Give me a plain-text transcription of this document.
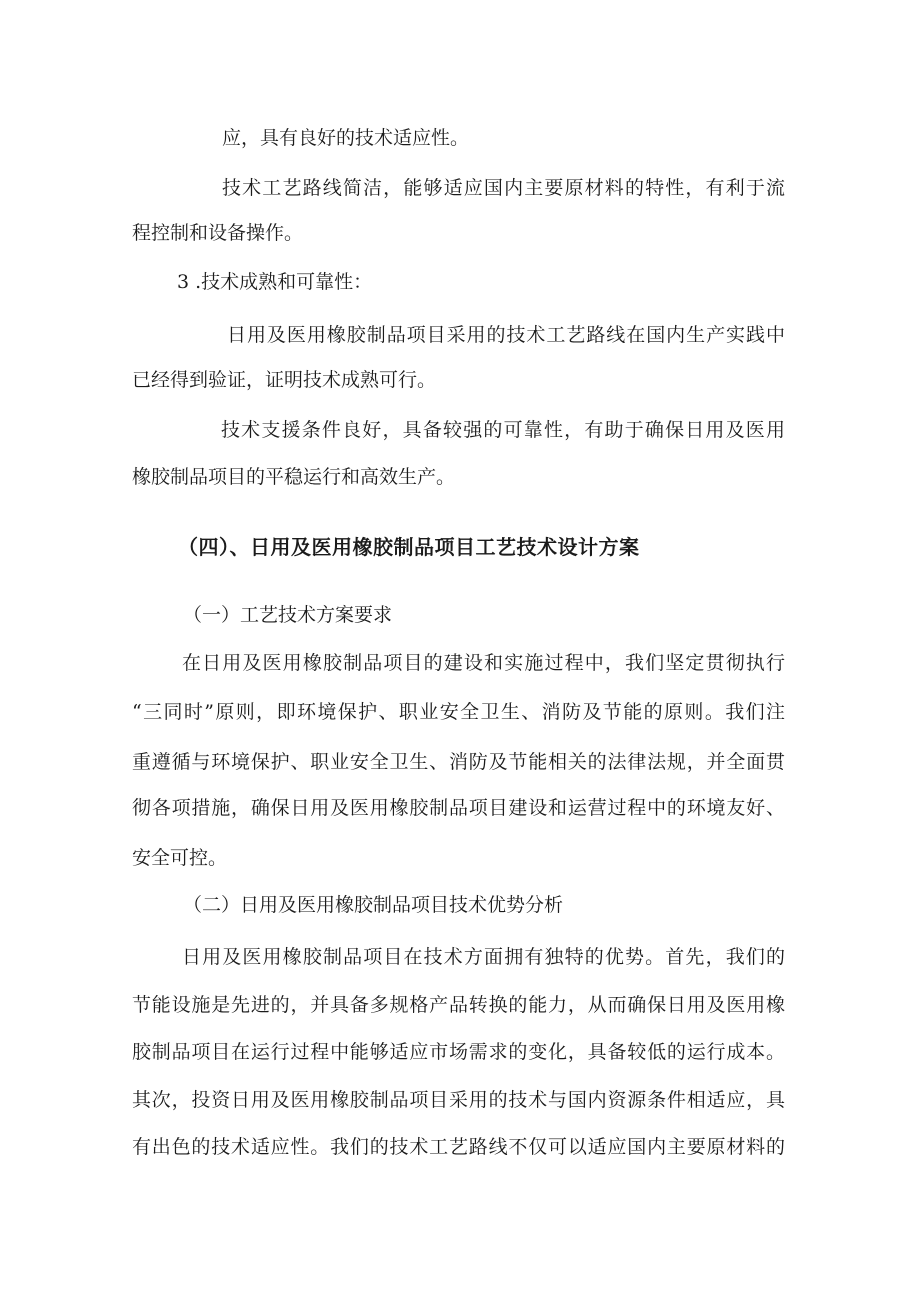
应，具有良好的技术适应性。
技术工艺路线简洁，能够适应国内主要原材料的特性，有利于流
程控制和设备操作。
3 .技术成熟和可靠性：
日用及医用橡胶制品项目采用的技术工艺路线在国内生产实践中
已经得到验证，证明技术成熟可行。
技术支援条件良好，具备较强的可靠性，有助于确保日用及医用
橡胶制品项目的平稳运行和高效生产。
（四）、日用及医用橡胶制品项目工艺技术设计方案
（一）工艺技术方案要求
在日用及医用橡胶制品项目的建设和实施过程中，我们坚定贯彻执行
“三同时”原则，即环境保护、职业安全卫生、消防及节能的原则。我们注
重遵循与环境保护、职业安全卫生、消防及节能相关的法律法规，并全面贯
彻各项措施，确保日用及医用橡胶制品项目建设和运营过程中的环境友好、
安全可控。
（二）日用及医用橡胶制品项目技术优势分析
日用及医用橡胶制品项目在技术方面拥有独特的优势。首先，我们的
节能设施是先进的，并具备多规格产品转换的能力，从而确保日用及医用橡
胶制品项目在运行过程中能够适应市场需求的变化，具备较低的运行成本。
其次，投资日用及医用橡胶制品项目采用的技术与国内资源条件相适应，具
有出色的技术适应性。我们的技术工艺路线不仅可以适应国内主要原材料的
